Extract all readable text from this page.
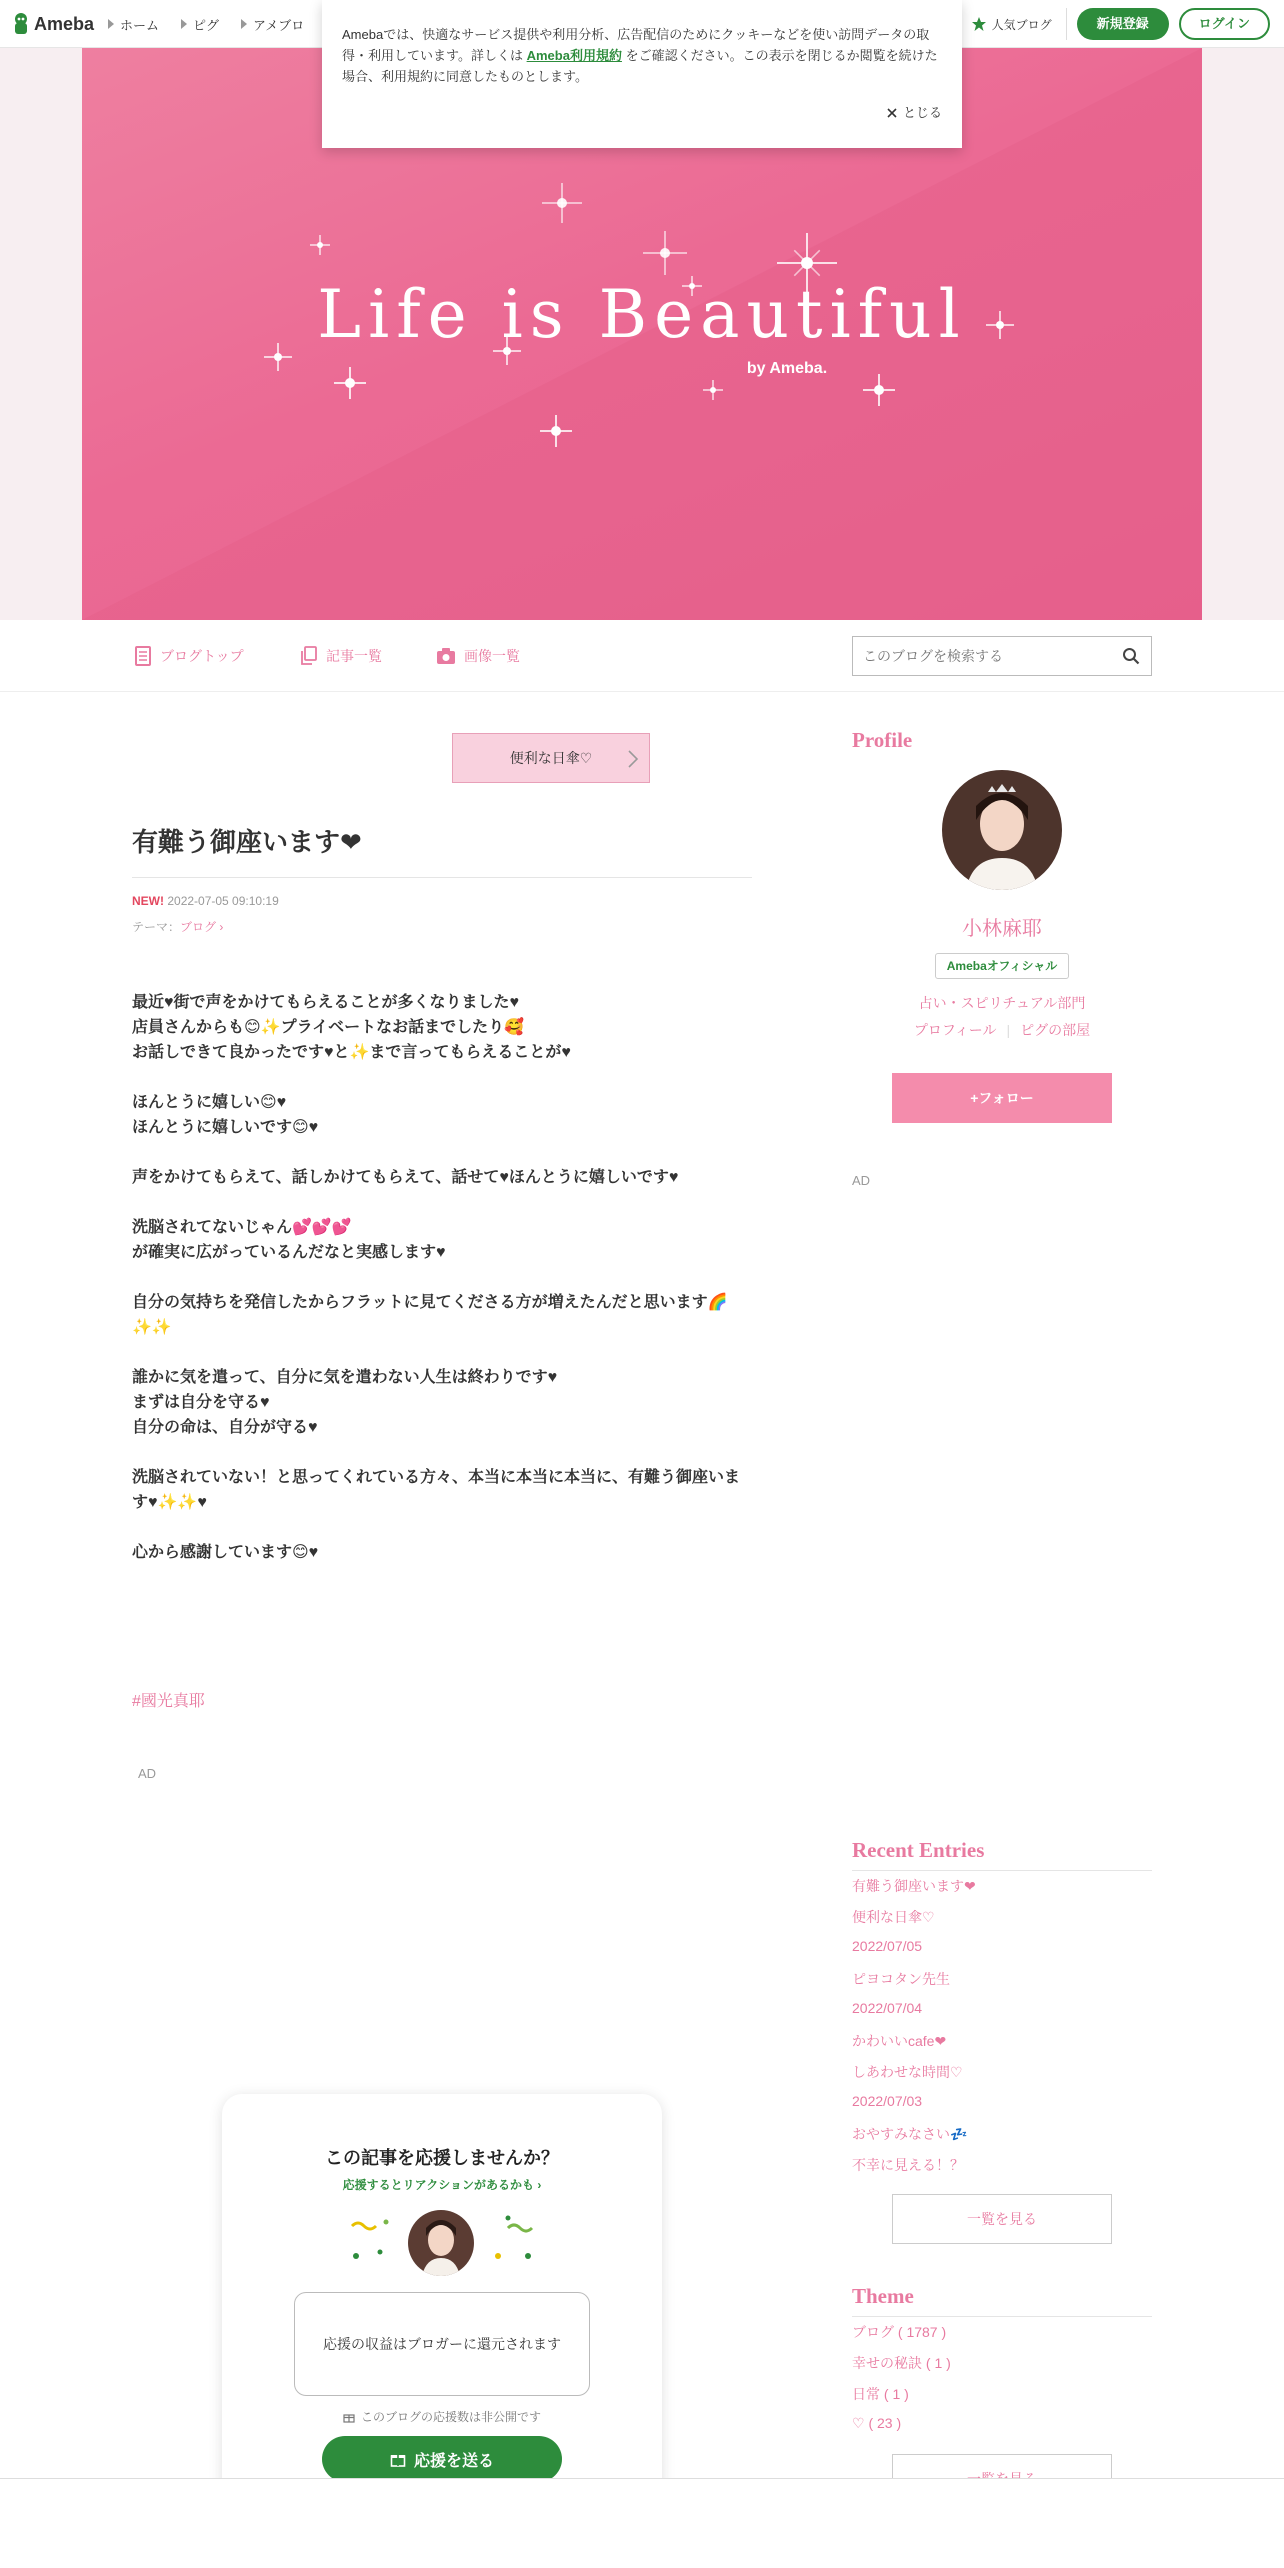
Ameba ホーム	ピグ	アメブロ	人気ブログ	新規登録	ログイン
Amebaでは、快適なサービス提供や利用分析、広告配信のためにクッキーなどを使い訪問データの取得・利用しています。詳しくは Ameba利用規約 をご確認ください。この表示を閉じるか閲覧を続けた場合、利用規約に同意したものとします。
とじる
Life is Beautiful
by Ameba.
ブログトップ	記事一覧	画像一覧
このブログを検索する
便利な日傘♡
有難う御座います❤
NEW! 2022-07-05 09:10:19
テーマ：ブログ ›

最近♥街で声をかけてもらえることが多くなりました♥

店員さんからも😊✨プライベートなお話までしたり🥰

お話しできて良かったです♥と✨まで言ってもらえることが♥

ほんとうに嬉しい😊♥

ほんとうに嬉しいです😊♥

声をかけてもらえて、話しかけてもらえて、話せて♥ほんとうに嬉しいです♥

洗脳されてないじゃん💕💕💕

が確実に広がっているんだなと実感します♥

自分の気持ちを発信したからフラットに見てくださる方が増えたんだと思います🌈✨✨

誰かに気を遣って、自分に気を遣わない人生は終わりです♥

まずは自分を守る♥

自分の命は、自分が守る♥

洗脳されていない！と思ってくれている方々、本当に本当に本当に、有難う御座います♥✨✨♥

心から感謝しています😊♥

#國光真耶
AD
この記事を応援しませんか？
応援するとリアクションがあるかも ›
応援の収益はブロガーに還元されます
このブログの応援数は非公開です
応援を送る
Profile
小林麻耶
Amebaオフィシャル
占い・スピリチュアル部門
プロフィール | ピグの部屋
+フォロー
AD
Recent Entries
有難う御座います❤
便利な日傘♡
2022/07/05
ピヨコタン先生
2022/07/04
かわいいcafe❤
しあわせな時間♡
2022/07/03
おやすみなさい💤
不幸に見える！？
一覧を見る
Theme
ブログ ( 1787 )
幸せの秘訣 ( 1 )
日常 ( 1 )
♡ ( 23 )
